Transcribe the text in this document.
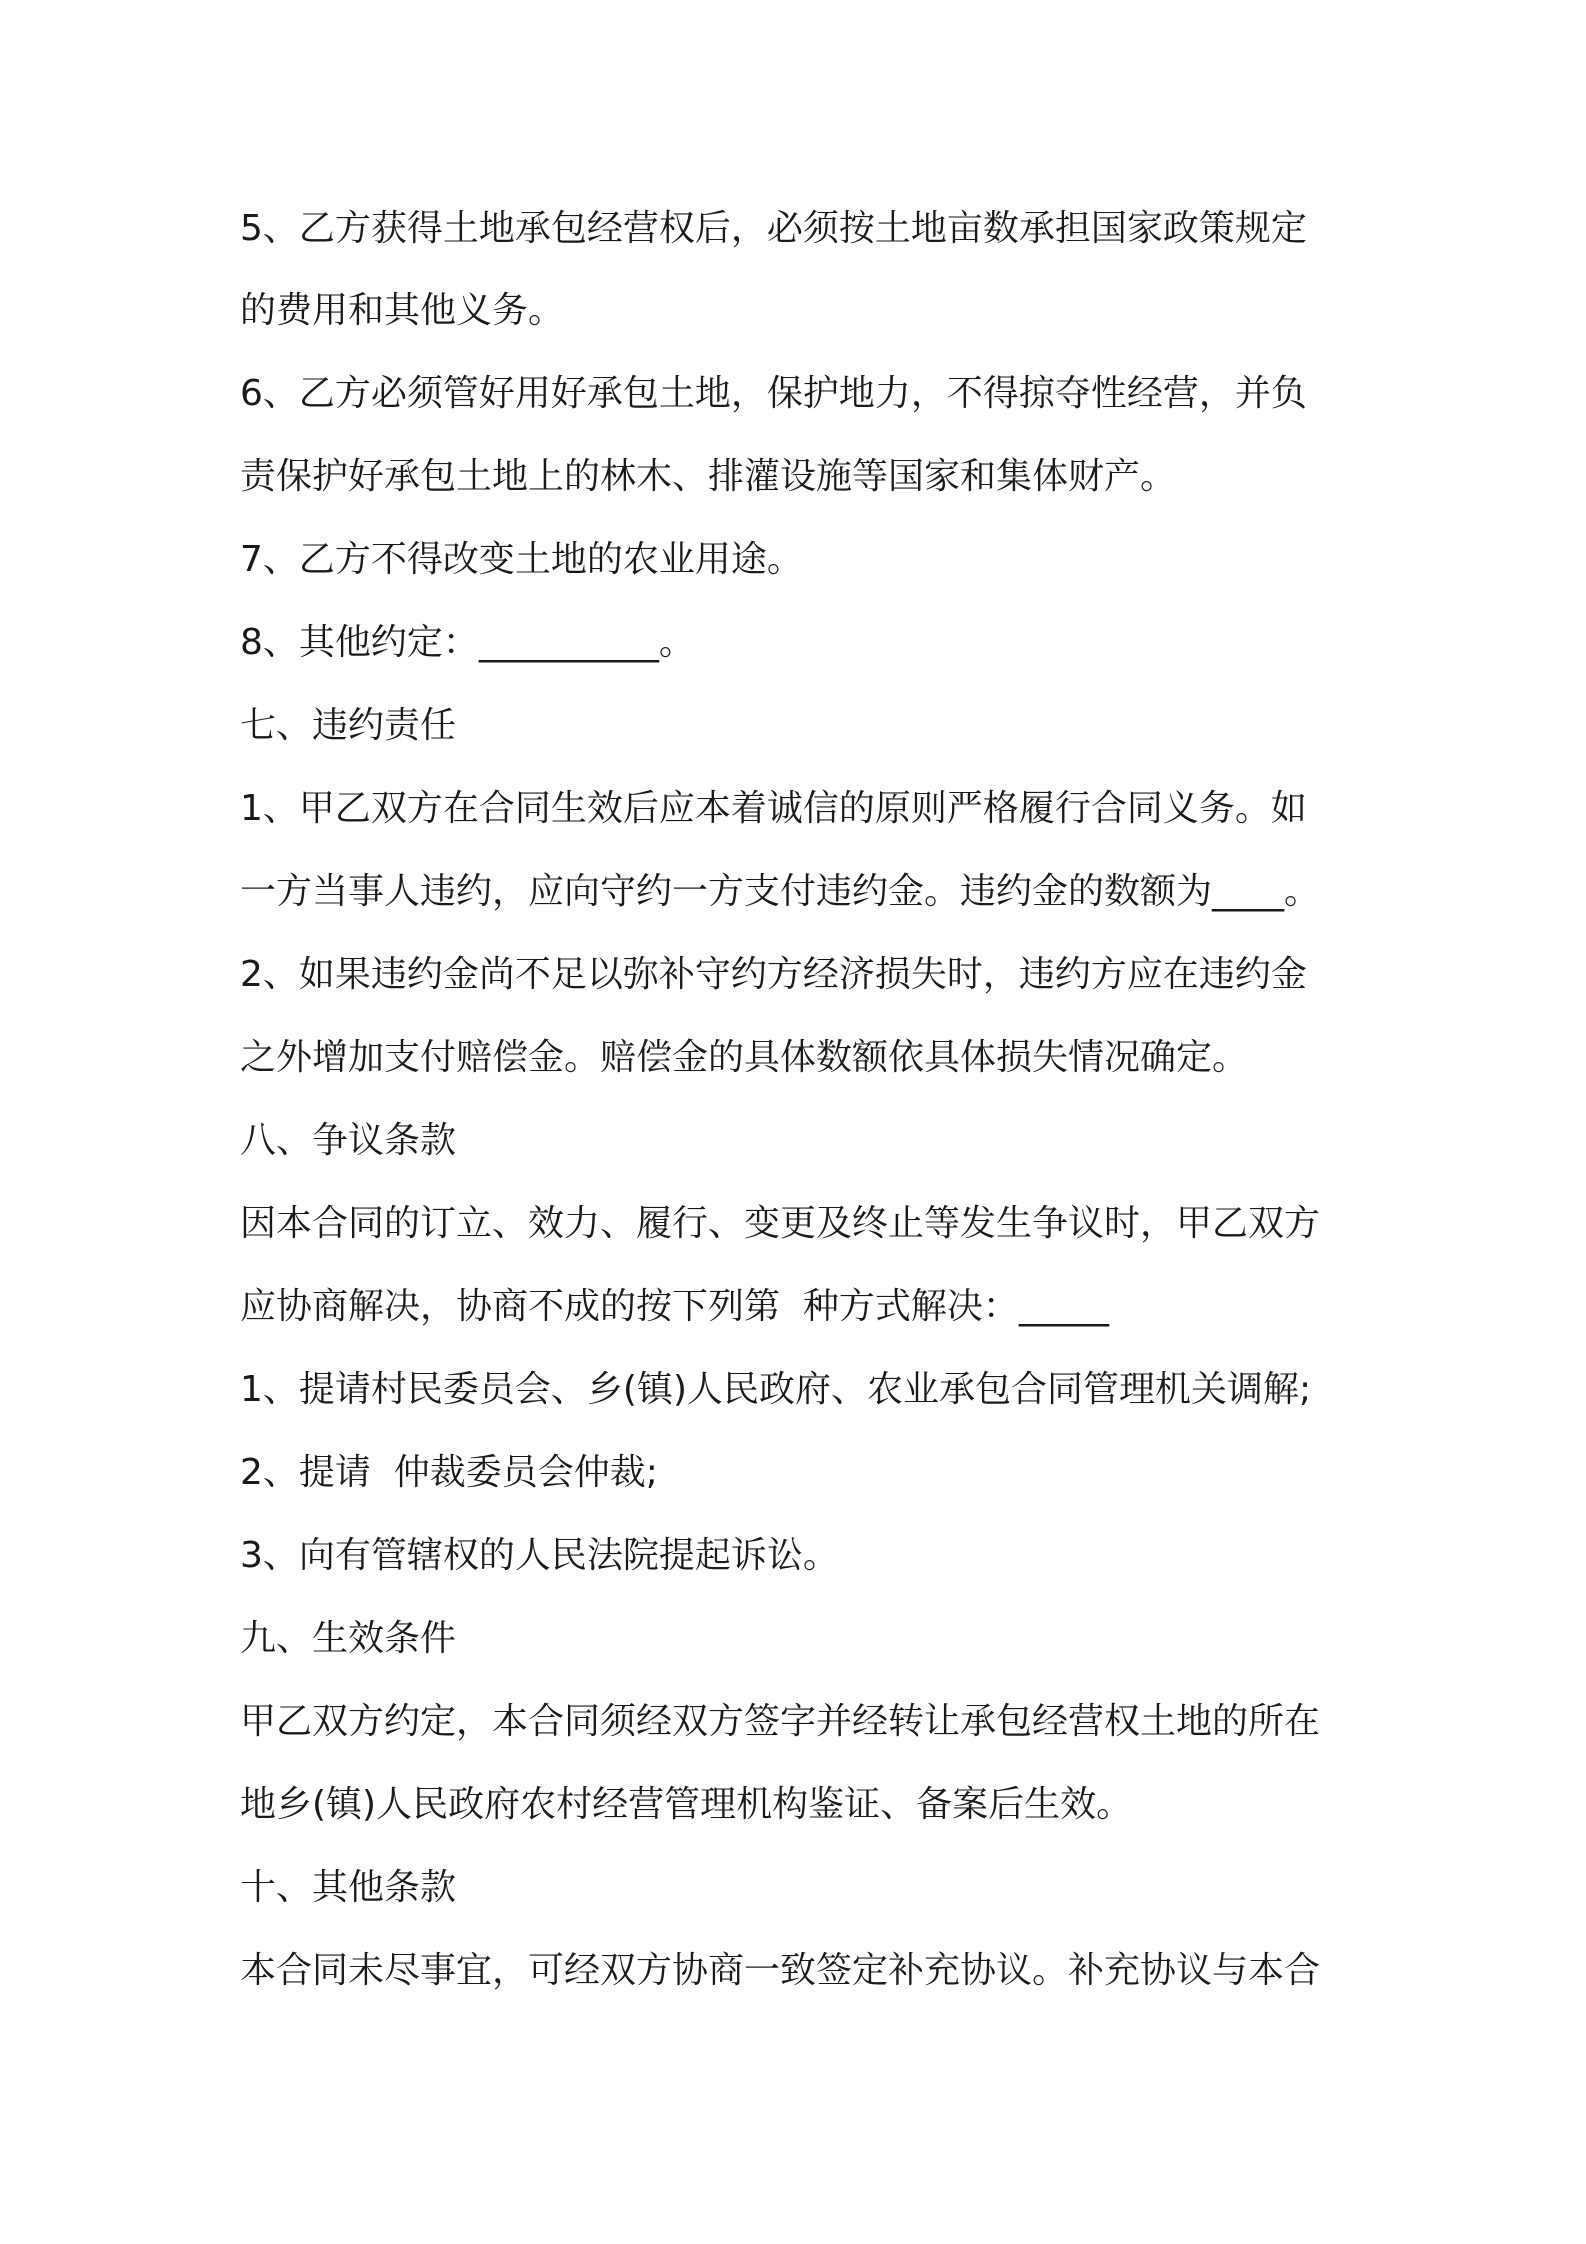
5、乙方获得土地承包经营权后，必须按土地亩数承担国家政策规定
的费用和其他义务。
6、乙方必须管好用好承包土地，保护地力，不得掠夺性经营，并负
责保护好承包土地上的林木、排灌设施等国家和集体财产。
7、乙方不得改变土地的农业用途。
8、其他约定：__________。
七、违约责任
1、甲乙双方在合同生效后应本着诚信的原则严格履行合同义务。如
一方当事人违约，应向守约一方支付违约金。违约金的数额为____。
2、如果违约金尚不足以弥补守约方经济损失时，违约方应在违约金
之外增加支付赔偿金。赔偿金的具体数额依具体损失情况确定。
八、争议条款
因本合同的订立、效力、履行、变更及终止等发生争议时，甲乙双方
应协商解决，协商不成的按下列第  种方式解决：_____
1、提请村民委员会、乡(镇)人民政府、农业承包合同管理机关调解;
2、提请  仲裁委员会仲裁;
3、向有管辖权的人民法院提起诉讼。
九、生效条件
甲乙双方约定，本合同须经双方签字并经转让承包经营权土地的所在
地乡(镇)人民政府农村经营管理机构鉴证、备案后生效。
十、其他条款
本合同未尽事宜，可经双方协商一致签定补充协议。补充协议与本合
